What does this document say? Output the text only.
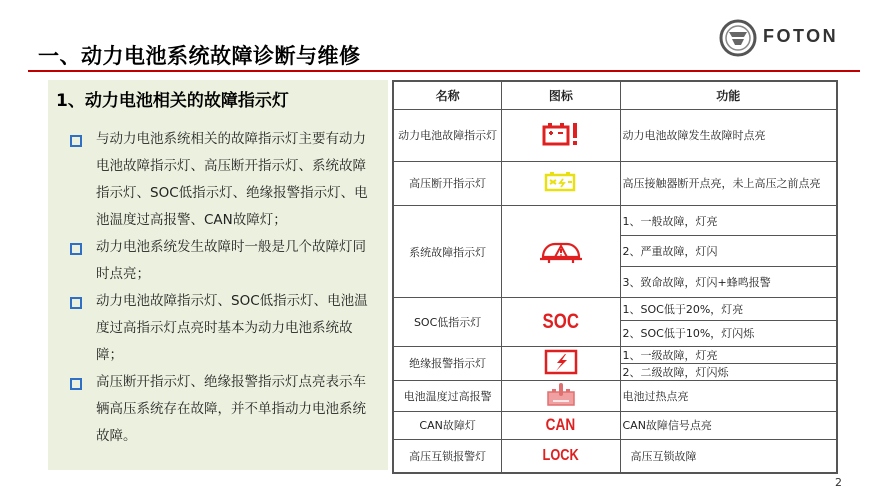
一、动力电池系统故障诊断与维修
FOTON
1、动力电池相关的故障指示灯
与动力电池系统相关的故障指示灯主要有动力电池故障指示灯、高压断开指示灯、系统故障指示灯、SOC低指示灯、绝缘报警指示灯、电池温度过高报警、CAN故障灯；
动力电池系统发生故障时一般是几个故障灯同时点亮；
动力电池故障指示灯、SOC低指示灯、电池温度过高指示灯点亮时基本为动力电池系统故障；
高压断开指示灯、绝缘报警指示灯点亮表示车辆高压系统存在故障，并不单指动力电池系统故障。
名称	图标	功能
动力电池故障指示灯		动力电池故障发生故障时点亮
高压断开指示灯		高压接触器断开点亮，未上高压之前点亮
系统故障指示灯		1、一般故障，灯亮
		2、严重故障，灯闪
		3、致命故障，灯闪+蜂鸣报警
SOC低指示灯	SOC	1、SOC低于20%，灯亮
		2、SOC低于10%，灯闪烁
绝缘报警指示灯		1、一级故障，灯亮
		2、二级故障，灯闪烁
电池温度过高报警		电池过热点亮
CAN故障灯	CAN	CAN故障信号点亮
高压互锁报警灯	LOCK	高压互锁故障
2
